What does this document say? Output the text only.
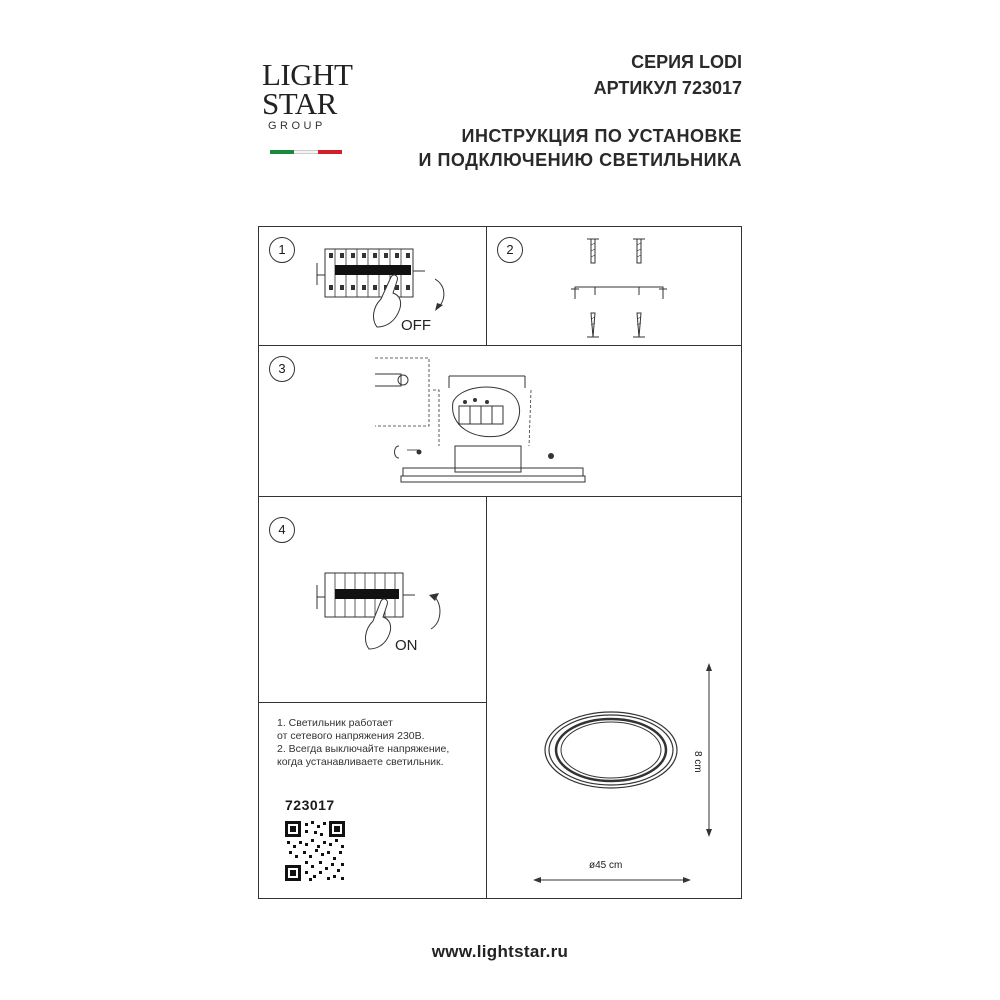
LIGHT
STAR
GROUP
СЕРИЯ LODI
АРТИКУЛ 723017
ИНСТРУКЦИЯ ПО УСТАНОВКЕ
И ПОДКЛЮЧЕНИЮ СВЕТИЛЬНИКА
1
OFF
2
3
4
ON
8 cm
ø45 cm
1. Светильник работает
от сетевого напряжения 230В.
2. Всегда выключайте напряжение,
когда устанавливаете светильник.
723017
www.lightstar.ru
